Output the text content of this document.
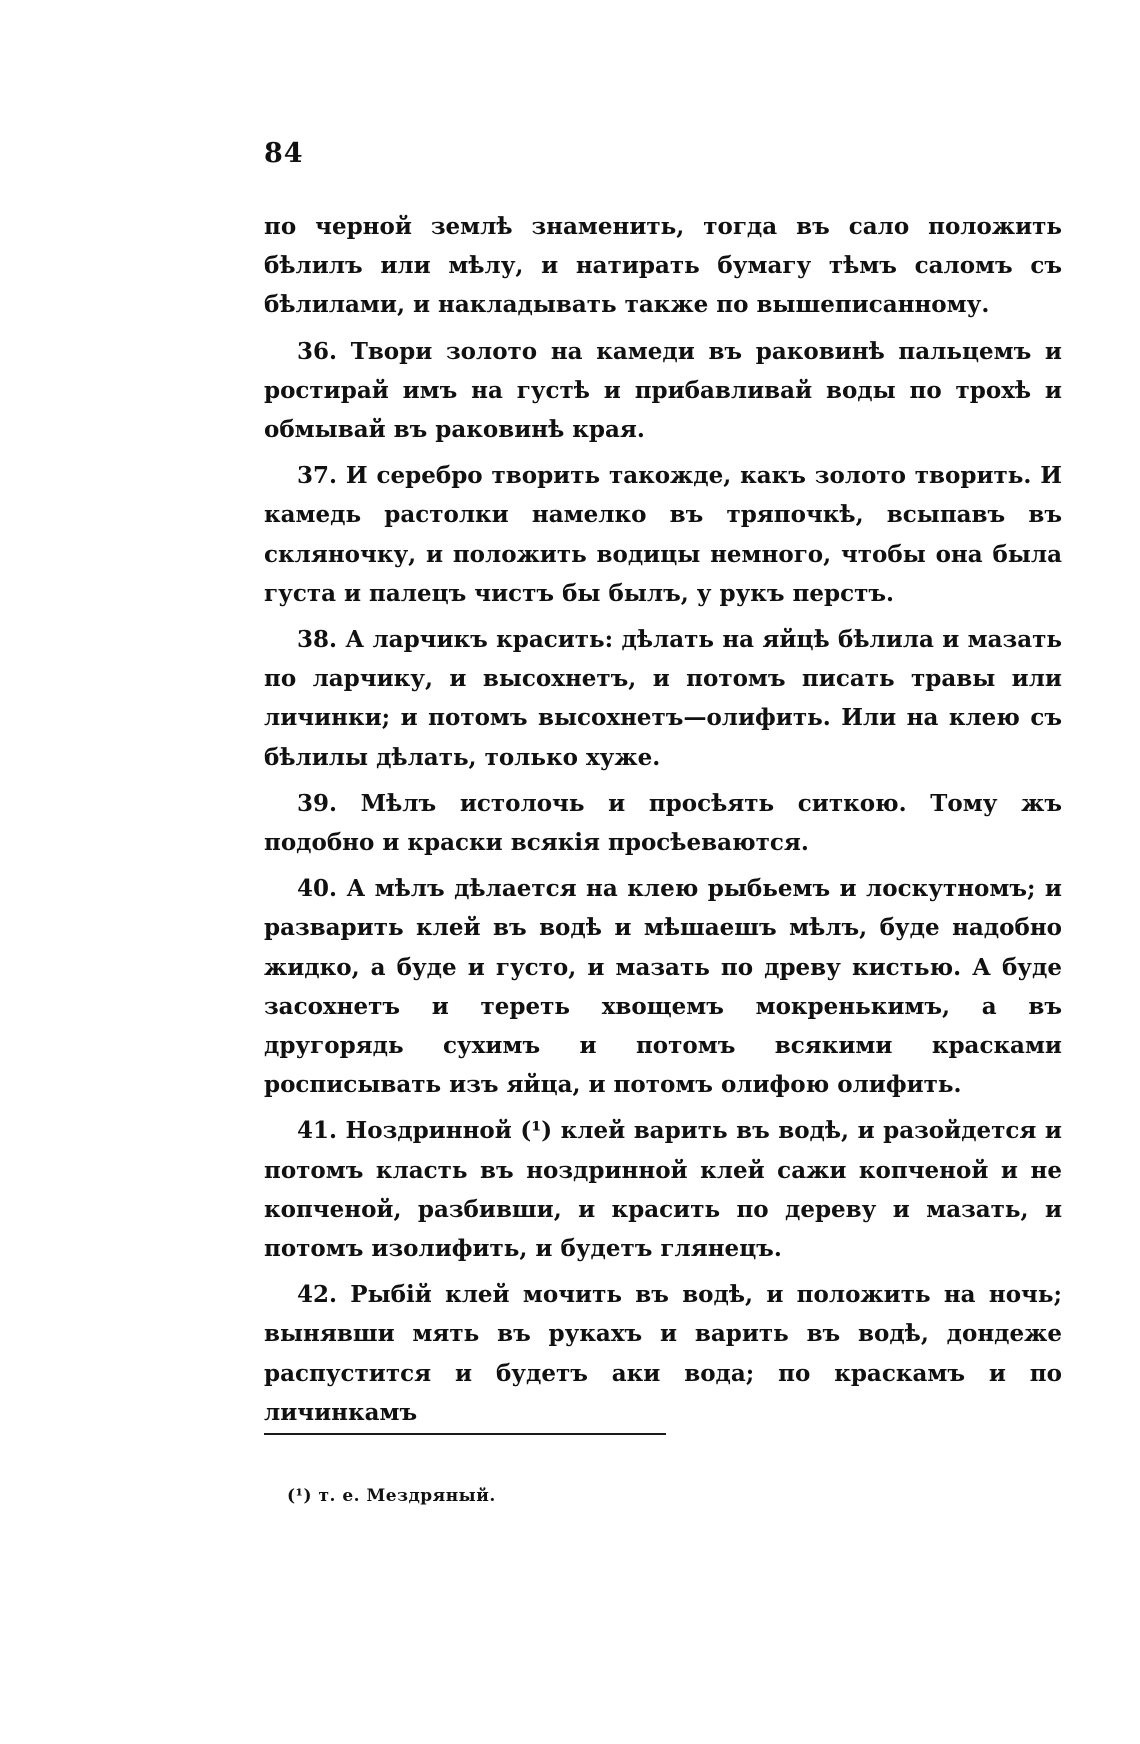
84

по черной землѣ знаменить, тогда въ сало положить бѣлилъ или мѣлу, и натирать бумагу тѣмъ саломъ съ бѣлилами, и накладывать также по вышеписанному.

36. Твори золото на камеди въ раковинѣ пальцемъ и ростирай имъ на густѣ и прибавливай воды по трохѣ и обмывай въ раковинѣ края.

37. И серебро творить такожде, какъ золото творить. И камедь растолки намелко въ тряпочкѣ, всыпавъ въ скляночку, и положить водицы немного, чтобы она была густа и палецъ чистъ бы былъ, у рукъ перстъ.

38. А ларчикъ красить: дѣлать на яйцѣ бѣлила и мазать по ларчику, и высохнетъ, и потомъ писать травы или личинки; и потомъ высохнетъ—олифить. Или на клею съ бѣлилы дѣлать, только хуже.

39. Мѣлъ истолочь и просѣять ситкою. Тому жъ подобно и краски всякiя просѣеваются.

40. А мѣлъ дѣлается на клею рыбьемъ и лоскутномъ; и разварить клей въ водѣ и мѣшаешъ мѣлъ, буде надобно жидко, а буде и густо, и мазать по древу кистью. А буде засохнетъ и тереть хвощемъ мокренькимъ, а въ другорядь сухимъ и потомъ всякими красками росписывать изъ яйца, и потомъ олифою олифить.

41. Ноздринной (¹) клей варить въ водѣ, и разойдется и потомъ класть въ ноздринной клей сажи копченой и не копченой, разбивши, и красить по дереву и мазать, и потомъ изолифить, и будетъ глянецъ.

42. Рыбiй клей мочить въ водѣ, и положить на ночь; вынявши мять въ рукахъ и варить въ водѣ, дондеже распустится и будетъ аки вода; по краскамъ и по личинкамъ

(¹) т. е. Мездряный.
